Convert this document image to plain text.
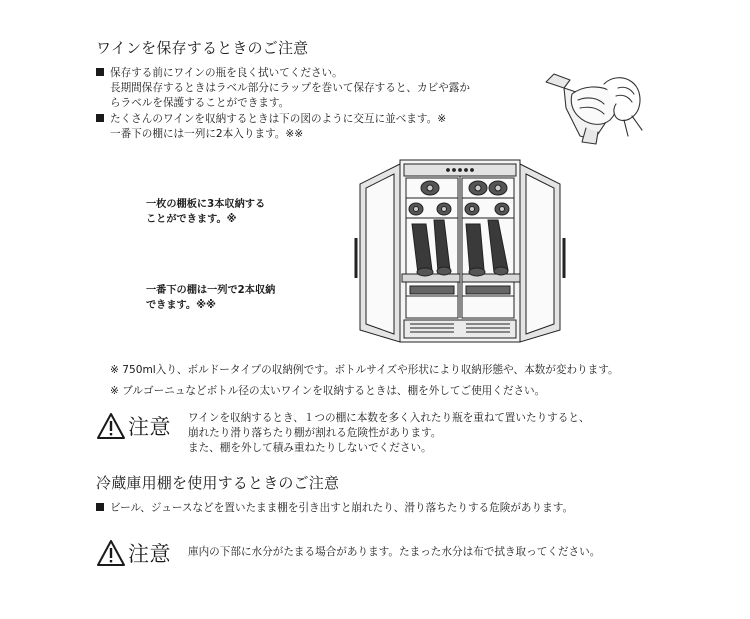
ワインを保存するときのご注意
保存する前にワインの瓶を良く拭いてください。
長期間保存するときはラベル部分にラップを巻いて保存すると、カビや露か
らラベルを保護することができます。
たくさんのワインを収納するときは下の図のように交互に並べます。※
一番下の棚には一列に2本入ります。※※
一枚の棚板に3本収納する
ことができます。※
一番下の棚は一列で2本収納
できます。※※
※ 750ml入り、ボルドータイプの収納例です。ボトルサイズや形状により収納形態や、本数が変わります。
※ ブルゴーニュなどボトル径の太いワインを収納するときは、棚を外してご使用ください。
注意 ワインを収納するとき、１つの棚に本数を多く入れたり瓶を重ねて置いたりすると、
崩れたり滑り落ちたり棚が割れる危険性があります。
また、棚を外して積み重ねたりしないでください。
冷蔵庫用棚を使用するときのご注意
ビール、ジュースなどを置いたまま棚を引き出すと崩れたり、滑り落ちたりする危険があります。
注意 庫内の下部に水分がたまる場合があります。たまった水分は布で拭き取ってください。
